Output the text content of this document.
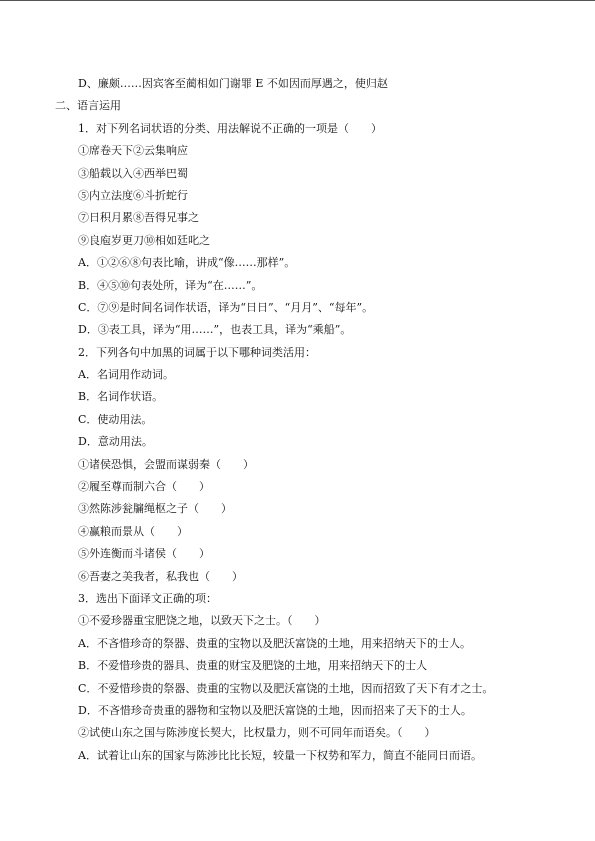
D、廉颇……因宾客至蔺相如门谢罪 E 不如因而厚遇之，使归赵
二、语言运用
1．对下列名词状语的分类、用法解说不正确的一项是（　　）
①席卷天下②云集响应
③船载以入④西举巴蜀
⑤内立法度⑥斗折蛇行
⑦日积月累⑧吾得兄事之
⑨良庖岁更刀⑩相如廷叱之
A．①②⑥⑧句表比喻，讲成“像……那样”。
B．④⑤⑩句表处所，译为“在……”。
C．⑦⑨是时间名词作状语，译为“日日”、“月月”、“每年”。
D．③表工具，译为“用……”，也表工具，译为“乘船”。
2．下列各句中加黑的词属于以下哪种词类活用：
A．名词用作动词。
B．名词作状语。
C．使动用法。
D．意动用法。
①诸侯恐惧，会盟而谋弱秦（　　）
②履至尊而制六合（　　）
③然陈涉瓮牖绳枢之子（　　）
④赢粮而景从（　　）
⑤外连衡而斗诸侯（　　）
⑥吾妻之美我者，私我也（　　）
3．选出下面译文正确的项：
①不爱珍器重宝肥饶之地，以致天下之士。（　　）
A．不吝惜珍奇的祭器、贵重的宝物以及肥沃富饶的土地，用来招纳天下的士人。
B．不爱惜珍贵的器具、贵重的财宝及肥饶的土地，用来招纳天下的士人
C．不爱惜珍贵的祭器、贵重的宝物以及肥沃富饶的土地，因而招致了天下有才之士。
D．不吝惜珍奇贵重的器物和宝物以及肥沃富饶的土地，因而招来了天下的士人。
②试使山东之国与陈涉度长契大，比权量力，则不可同年而语矣。（　　）
A．试着让山东的国家与陈涉比比长短，较量一下权势和军力，简直不能同日而语。
